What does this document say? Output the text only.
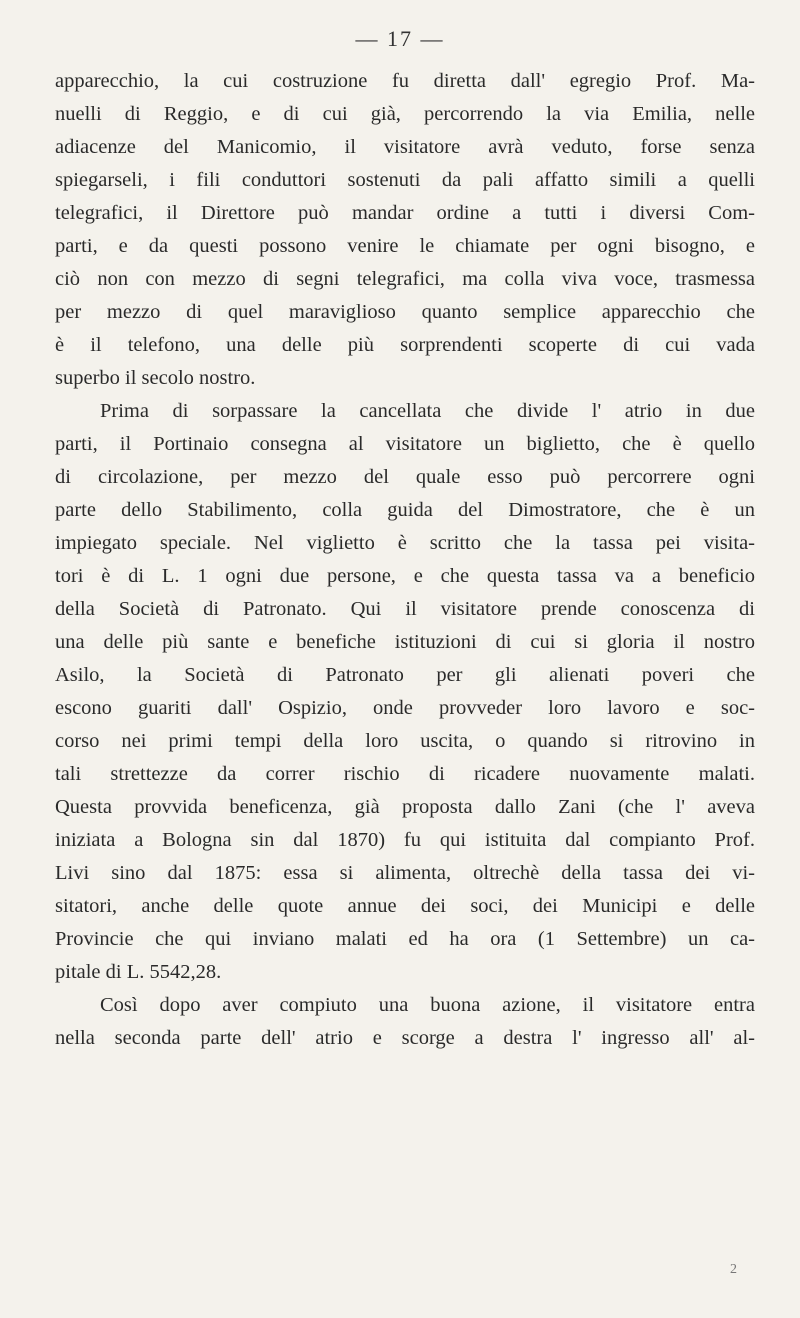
— 17 —
apparecchio, la cui costruzione fu diretta dall' egregio Prof. Ma-
nuelli di Reggio, e di cui già, percorrendo la via Emilia, nelle
adiacenze del Manicomio, il visitatore avrà veduto, forse senza
spiegarseli, i fili conduttori sostenuti da pali affatto simili a quelli
telegrafici, il Direttore può mandar ordine a tutti i diversi Com-
parti, e da questi possono venire le chiamate per ogni bisogno, e
ciò non con mezzo di segni telegrafici, ma colla viva voce, trasmessa
per mezzo di quel maraviglioso quanto semplice apparecchio che
è il telefono, una delle più sorprendenti scoperte di cui vada
superbo il secolo nostro.
Prima di sorpassare la cancellata che divide l' atrio in due
parti, il Portinaio consegna al visitatore un biglietto, che è quello
di circolazione, per mezzo del quale esso può percorrere ogni
parte dello Stabilimento, colla guida del Dimostratore, che è un
impiegato speciale. Nel viglietto è scritto che la tassa pei visita-
tori è di L. 1 ogni due persone, e che questa tassa va a beneficio
della Società di Patronato. Qui il visitatore prende conoscenza di
una delle più sante e benefiche istituzioni di cui si gloria il nostro
Asilo, la Società di Patronato per gli alienati poveri che
escono guariti dall' Ospizio, onde provveder loro lavoro e soc-
corso nei primi tempi della loro uscita, o quando si ritrovino in
tali strettezze da correr rischio di ricadere nuovamente malati.
Questa provvida beneficenza, già proposta dallo Zani (che l' aveva
iniziata a Bologna sin dal 1870) fu qui istituita dal compianto Prof.
Livi sino dal 1875: essa si alimenta, oltrechè della tassa dei vi-
sitatori, anche delle quote annue dei soci, dei Municipi e delle
Provincie che qui inviano malati ed ha ora (1 Settembre) un ca-
pitale di L. 5542,28.
Così dopo aver compiuto una buona azione, il visitatore entra
nella seconda parte dell' atrio e scorge a destra l' ingresso all' al-
2
